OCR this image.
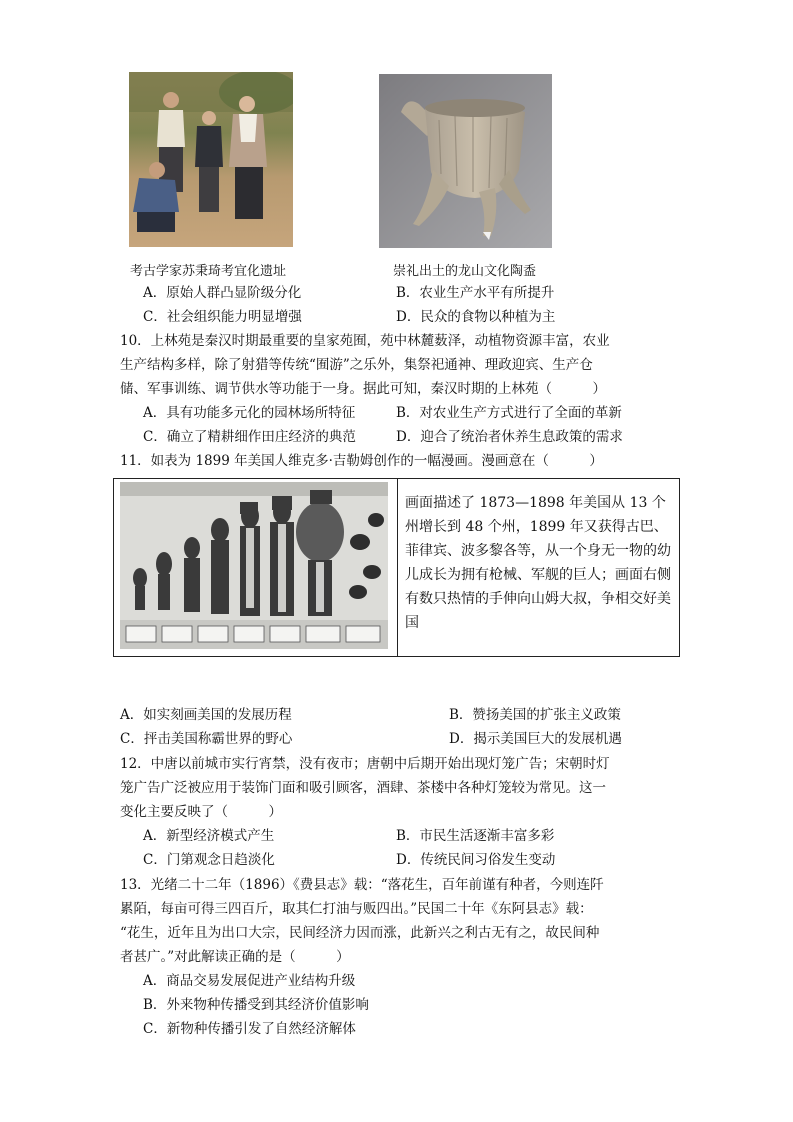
考古学家苏秉琦考宜化遗址	崇礼出土的龙山文化陶盉
A．原始人群凸显阶级分化	B．农业生产水平有所提升
C．社会组织能力明显增强	D．民众的食物以种植为主
10．上林苑是秦汉时期最重要的皇家苑囿，苑中林麓薮泽，动植物资源丰富，农业
生产结构多样，除了射猎等传统“囿游”之乐外，集祭祀通神、理政迎宾、生产仓
储、军事训练、调节供水等功能于一身。据此可知，秦汉时期的上林苑（　　　）
A．具有功能多元化的园林场所特征	B．对农业生产方式进行了全面的革新
C．确立了精耕细作田庄经济的典范	D．迎合了统治者休养生息政策的需求
11．如表为 1899 年美国人维克多·吉勒姆创作的一幅漫画。漫画意在（　　　）
画面描述了 1873—1898 年美国从 13 个州增长到 48 个州，1899 年又获得古巴、菲律宾、波多黎各等，从一个身无一物的幼儿成长为拥有枪械、军舰的巨人；画面右侧有数只热情的手伸向山姆大叔，争相交好美国
A．如实刻画美国的发展历程	B．赞扬美国的扩张主义政策
C．抨击美国称霸世界的野心	D．揭示美国巨大的发展机遇
12．中唐以前城市实行宵禁，没有夜市；唐朝中后期开始出现灯笼广告；宋朝时灯
笼广告广泛被应用于装饰门面和吸引顾客，酒肆、茶楼中各种灯笼较为常见。这一
变化主要反映了（　　　）
A．新型经济模式产生	B．市民生活逐渐丰富多彩
C．门第观念日趋淡化	D．传统民间习俗发生变动
13．光绪二十二年（1896）《费县志》载：“落花生，百年前谨有种者，今则连阡
累陌，每亩可得三四百斤，取其仁打油与贩四出。”民国二十年《东阿县志》载：
“花生，近年且为出口大宗，民间经济力因而涨，此新兴之利古无有之，故民间种
者甚广。”对此解读正确的是（　　　）
A．商品交易发展促进产业结构升级
B．外来物种传播受到其经济价值影响
C．新物种传播引发了自然经济解体
